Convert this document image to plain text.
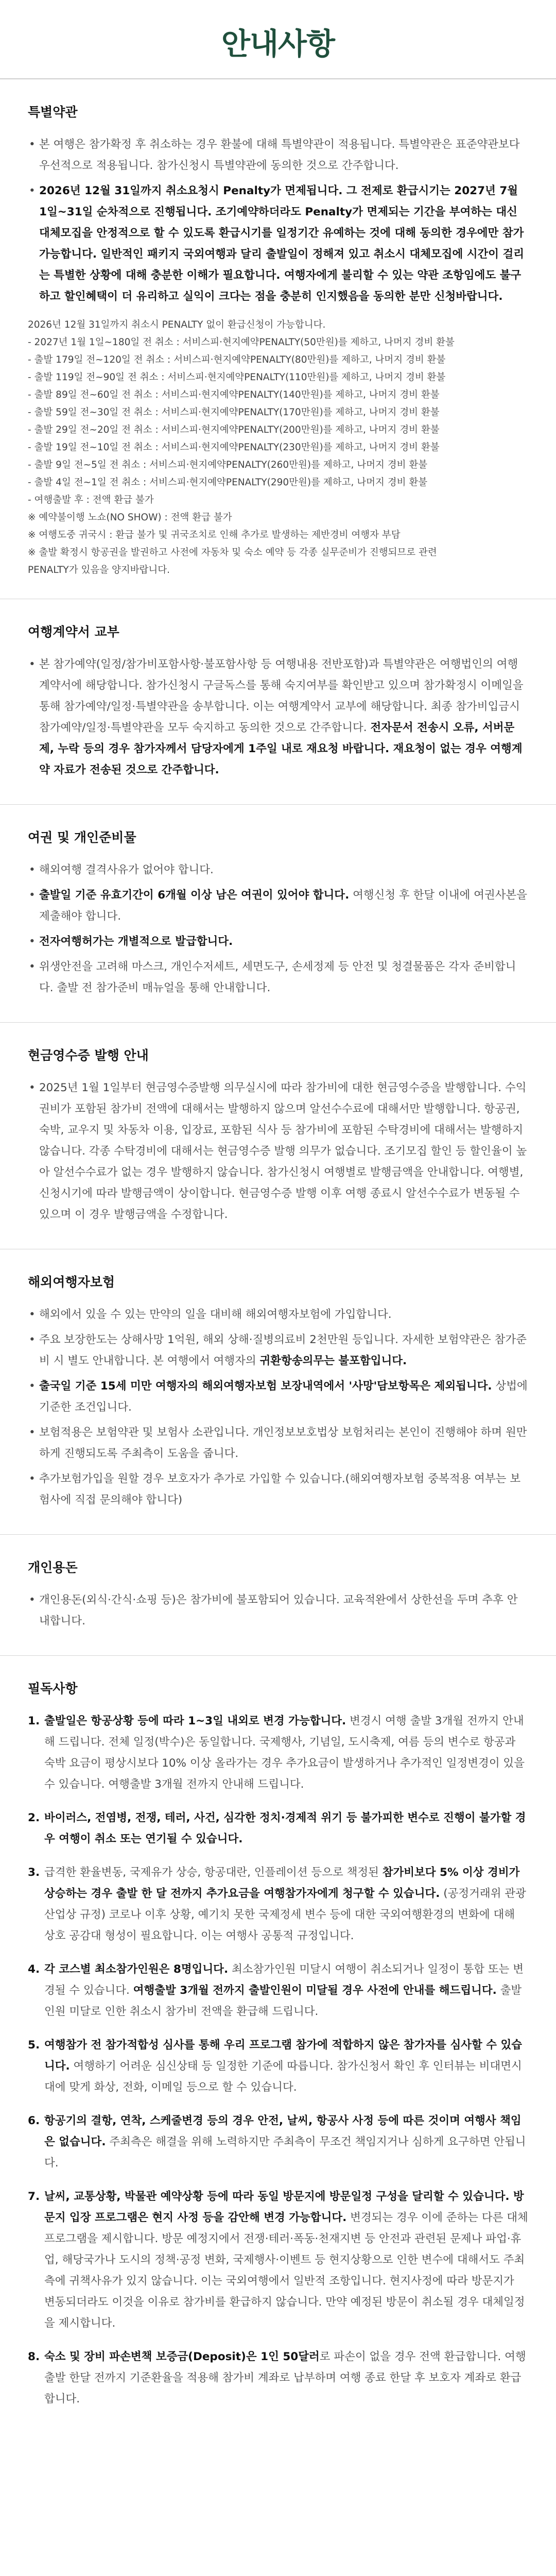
안내사항
특별약관
• 본 여행은 참가확정 후 취소하는 경우 환불에 대해 특별약관이 적용됩니다. 특별약관은 표준약관보다 우선적으로 적용됩니다. 참가신청시 특별약관에 동의한 것으로 간주합니다.
• 2026년 12월 31일까지 취소요청시 Penalty가 면제됩니다. 그 전제로 환급시기는 2027년 7월 1일~31일 순차적으로 진행됩니다. 조기예약하더라도 Penalty가 면제되는 기간을 부여하는 대신 대체모집을 안정적으로 할 수 있도록 환급시기를 일정기간 유예하는 것에 대해 동의한 경우에만 참가가능합니다. 일반적인 패키지 국외여행과 달리 출발일이 정해져 있고 취소시 대체모집에 시간이 걸리는 특별한 상황에 대해 충분한 이해가 필요합니다. 여행자에게 불리할 수 있는 약관 조항임에도 불구하고 할인혜택이 더 유리하고 실익이 크다는 점을 충분히 인지했음을 동의한 분만 신청바랍니다.
2026년 12월 31일까지 취소시 PENALTY 없이 환급신청이 가능합니다.
- 2027년 1월 1일~180일 전 취소 : 서비스피·현지예약PENALTY(50만원)를 제하고, 나머지 경비 환불
- 출발 179일 전~120일 전 취소 : 서비스피·현지예약PENALTY(80만원)를 제하고, 나머지 경비 환불
- 출발 119일 전~90일 전 취소 : 서비스피·현지예약PENALTY(110만원)를 제하고, 나머지 경비 환불
- 출발 89일 전~60일 전 취소 : 서비스피·현지예약PENALTY(140만원)를 제하고, 나머지 경비 환불
- 출발 59일 전~30일 전 취소 : 서비스피·현지예약PENALTY(170만원)를 제하고, 나머지 경비 환불
- 출발 29일 전~20일 전 취소 : 서비스피·현지예약PENALTY(200만원)를 제하고, 나머지 경비 환불
- 출발 19일 전~10일 전 취소 : 서비스피·현지예약PENALTY(230만원)를 제하고, 나머지 경비 환불
- 출발 9일 전~5일 전 취소 : 서비스피·현지예약PENALTY(260만원)를 제하고, 나머지 경비 환불
- 출발 4일 전~1일 전 취소 : 서비스피·현지예약PENALTY(290만원)를 제하고, 나머지 경비 환불
- 여행출발 후 : 전액 환급 불가
※ 예약불이행 노쇼(NO SHOW) : 전액 환급 불가
※ 여행도중 귀국시 : 환급 불가 및 귀국조치로 인해 추가로 발생하는 제반경비 여행자 부담
※ 출발 확정시 항공권을 발권하고 사전에 자동차 및 숙소 예약 등 각종 실무준비가 진행되므로 관련
PENALTY가 있음을 양지바랍니다.
여행계약서 교부
• 본 참가예약(일정/참가비포함사항·불포함사항 등 여행내용 전반포함)과 특별약관은 여행법인의 여행계약서에 해당합니다. 참가신청시 구글독스를 통해 숙지여부를 확인받고 있으며 참가확정시 이메일을 통해 참가예약/일정·특별약관을 송부합니다. 이는 여행계약서 교부에 해당합니다. 최종 참가비입금시 참가예약/일정·특별약관을 모두 숙지하고 동의한 것으로 간주합니다. 전자문서 전송시 오류, 서버문제, 누락 등의 경우 참가자께서 담당자에게 1주일 내로 재요청 바랍니다. 재요청이 없는 경우 여행계약 자료가 전송된 것으로 간주합니다.
여권 및 개인준비물
• 해외여행 결격사유가 없어야 합니다.
• 출발일 기준 유효기간이 6개월 이상 남은 여권이 있어야 합니다. 여행신청 후 한달 이내에 여권사본을 제출해야 합니다.
• 전자여행허가는 개별적으로 발급합니다.
• 위생안전을 고려해 마스크, 개인수저세트, 세면도구, 손세정제 등 안전 및 청결물품은 각자 준비합니다. 출발 전 참가준비 매뉴얼을 통해 안내합니다.
현금영수증 발행 안내
• 2025년 1월 1일부터 현금영수증발행 의무실시에 따라 참가비에 대한 현금영수증을 발행합니다. 수익권비가 포함된 참가비 전액에 대해서는 발행하지 않으며 알선수수료에 대해서만 발행합니다. 항공권, 숙박, 교우지 및 차동차 이용, 입장료, 포함된 식사 등 참가비에 포함된 수탁경비에 대해서는 발행하지 않습니다. 각종 수탁경비에 대해서는 현금영수증 발행 의무가 없습니다. 조기모집 할인 등 할인율이 높아 알선수수료가 없는 경우 발행하지 않습니다. 참가신청시 여행별로 발행금액을 안내합니다. 여행별, 신청시기에 따라 발행금액이 상이합니다. 현금영수증 발행 이후 여행 종료시 알선수수료가 변동될 수 있으며 이 경우 발행금액을 수정합니다.
해외여행자보험
• 해외에서 있을 수 있는 만약의 일을 대비해 해외여행자보험에 가입합니다.
• 주요 보장한도는 상해사망 1억원, 해외 상해·질병의료비 2천만원 등입니다. 자세한 보험약관은 참가준비 시 별도 안내합니다. 본 여행에서 여행자의 귀환항송의무는 불포함입니다.
• 출국일 기준 15세 미만 여행자의 해외여행자보험 보장내역에서 '사망'담보항목은 제외됩니다. 상법에 기준한 조건입니다.
• 보험적용은 보험약관 및 보험사 소관입니다. 개인정보보호법상 보험처리는 본인이 진행해야 하며 원만하게 진행되도록 주최측이 도움을 줍니다.
• 추가보험가입을 원할 경우 보호자가 추가로 가입할 수 있습니다.(해외여행자보험 중복적용 여부는 보험사에 직접 문의해야 합니다)
개인용돈
• 개인용돈(외식·간식·쇼핑 등)은 참가비에 불포함되어 있습니다. 교육적완에서 상한선을 두며 추후 안내합니다.
필독사항
1. 출발일은 항공상황 등에 따라 1~3일 내외로 변경 가능합니다. 변경시 여행 출발 3개월 전까지 안내해 드립니다. 전체 일정(박수)은 동일합니다. 국제행사, 기념일, 도시축제, 여름 등의 변수로 항공과 숙박 요금이 평상시보다 10% 이상 올라가는 경우 추가요금이 발생하거나 추가적인 일정변경이 있을 수 있습니다. 여행출발 3개월 전까지 안내해 드립니다.
2. 바이러스, 전염병, 전쟁, 테러, 사건, 심각한 정치·경제적 위기 등 불가피한 변수로 진행이 불가할 경우 여행이 취소 또는 연기될 수 있습니다.
3. 급격한 환율변동, 국제유가 상승, 항공대란, 인플레이션 등으로 책정된 참가비보다 5% 이상 경비가 상승하는 경우 출발 한 달 전까지 추가요금을 여행참가자에게 청구할 수 있습니다. (공정거래위 관광산업상 규정) 코로나 이후 상황, 예기치 못한 국제정세 변수 등에 대한 국외여행환경의 변화에 대해 상호 공감대 형성이 필요합니다. 이는 여행사 공통적 규정입니다.
4. 각 코스별 최소참가인원은 8명입니다. 최소참가인원 미달시 여행이 취소되거나 일정이 통합 또는 변경될 수 있습니다. 여행출발 3개월 전까지 출발인원이 미달될 경우 사전에 안내를 해드립니다. 출발인원 미달로 인한 취소시 참가비 전액을 환급해 드립니다.
5. 여행참가 전 참가적합성 심사를 통해 우리 프로그램 참가에 적합하지 않은 참가자를 심사할 수 있습니다. 여행하기 어려운 심신상태 등 일정한 기준에 따릅니다. 참가신청서 확인 후 인터뷰는 비대면시대에 맞게 화상, 전화, 이메일 등으로 할 수 있습니다.
6. 항공기의 결항, 연착, 스케줄변경 등의 경우 안전, 날씨, 항공사 사정 등에 따른 것이며 여행사 책임은 없습니다. 주최측은 해결을 위해 노력하지만 주최측이 무조건 책임지거나 심하게 요구하면 안됩니다.
7. 날씨, 교통상황, 박물관 예약상황 등에 따라 동일 방문지에 방문일정 구성을 달리할 수 있습니다. 방문지 입장 프로그램은 현지 사정 등을 감안해 변경 가능합니다. 변경되는 경우 이에 준하는 다른 대체 프로그램을 제시합니다. 방문 예정지에서 전쟁·테러·폭동·천재지변 등 안전과 관련된 문제나 파업·휴업, 해당국가나 도시의 정책·공정 변화, 국제행사·이벤트 등 현지상황으로 인한 변수에 대해서도 주최측에 귀책사유가 있지 않습니다. 이는 국외여행에서 일반적 조항입니다. 현지사정에 따라 방문지가 변동되더라도 이것을 이유로 참가비를 환급하지 않습니다. 만약 예정된 방문이 취소될 경우 대체일정을 제시합니다.
8. 숙소 및 장비 파손변책 보증금(Deposit)은 1인 50달러로 파손이 없을 경우 전액 환급합니다. 여행 출발 한달 전까지 기준환율을 적용해 참가비 계좌로 납부하며 여행 종료 한달 후 보호자 계좌로 환급합니다.
